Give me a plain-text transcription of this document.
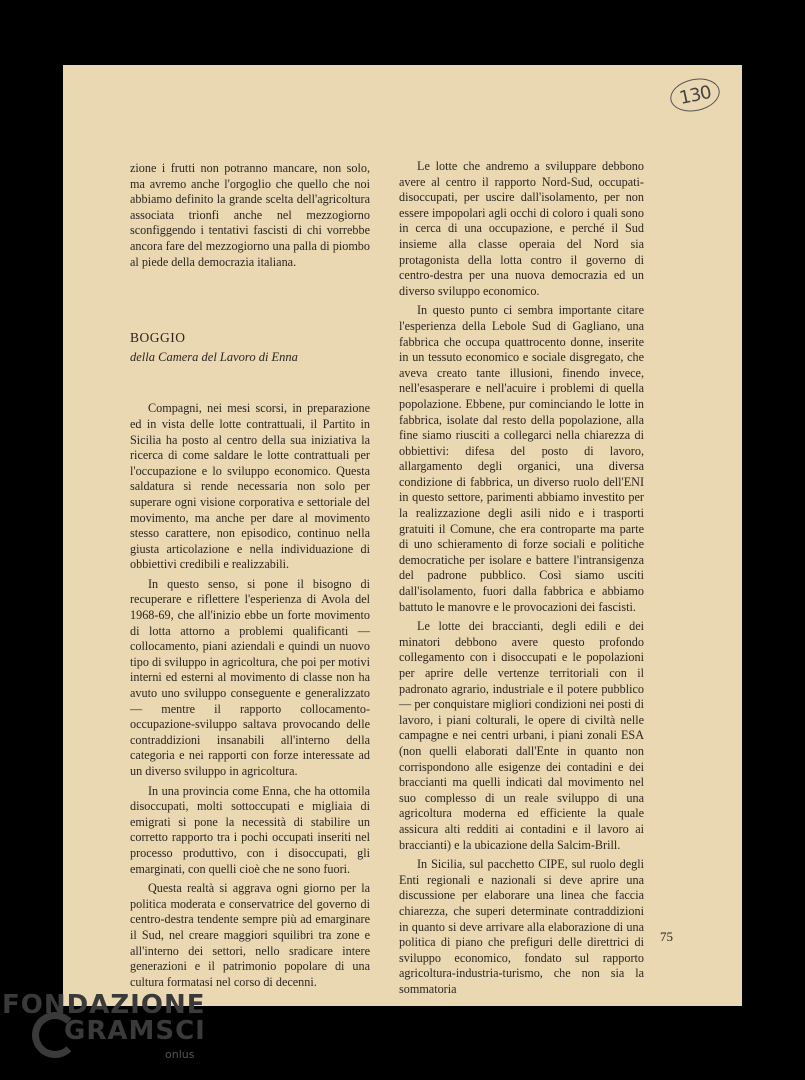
130

zione i frutti non potranno mancare, non solo, ma avremo anche l'orgoglio che quello che noi abbiamo definito la grande scelta dell'agricoltura associata trionfi anche nel mezzogiorno sconfiggendo i tentativi fascisti di chi vorrebbe ancora fare del mezzogiorno una palla di piombo al piede della democrazia italiana.

BOGGIO
della Camera del Lavoro di Enna

Compagni, nei mesi scorsi, in preparazione ed in vista delle lotte contrattuali, il Partito in Sicilia ha posto al centro della sua iniziativa la ricerca di come saldare le lotte contrattuali per l'occupazione e lo sviluppo economico. Questa saldatura si rende necessaria non solo per superare ogni visione corporativa e settoriale del movimento, ma anche per dare al movimento stesso carattere, non episodico, continuo nella giusta articolazione e nella individuazione di obbiettivi credibili e realizzabili.

In questo senso, si pone il bisogno di recuperare e riflettere l'esperienza di Avola del 1968-69, che all'inizio ebbe un forte movimento di lotta attorno a problemi qualificanti — collocamento, piani aziendali e quindi un nuovo tipo di sviluppo in agricoltura, che poi per motivi interni ed esterni al movimento di classe non ha avuto uno sviluppo conseguente e generalizzato — mentre il rapporto collocamento-occupazione-sviluppo saltava provocando delle contraddizioni insanabili all'interno della categoria e nei rapporti con forze interessate ad un diverso sviluppo in agricoltura.

In una provincia come Enna, che ha ottomila disoccupati, molti sottoccupati e migliaia di emigrati si pone la necessità di stabilire un corretto rapporto tra i pochi occupati inseriti nel processo produttivo, con i disoccupati, gli emarginati, con quelli cioè che ne sono fuori.

Questa realtà si aggrava ogni giorno per la politica moderata e conservatrice del governo di centro-destra tendente sempre più ad emarginare il Sud, nel creare maggiori squilibri tra zone e all'interno dei settori, nello sradicare intere generazioni e il patrimonio popolare di una cultura formatasi nel corso di decenni.

Le lotte che andremo a sviluppare debbono avere al centro il rapporto Nord-Sud, occupati-disoccupati, per uscire dall'isolamento, per non essere impopolari agli occhi di coloro i quali sono in cerca di una occupazione, e perché il Sud insieme alla classe operaia del Nord sia protagonista della lotta contro il governo di centro-destra per una nuova democrazia ed un diverso sviluppo economico.

In questo punto ci sembra importante citare l'esperienza della Lebole Sud di Gagliano, una fabbrica che occupa quattrocento donne, inserite in un tessuto economico e sociale disgregato, che aveva creato tante illusioni, finendo invece, nell'esasperare e nell'acuire i problemi di quella popolazione. Ebbene, pur cominciando le lotte in fabbrica, isolate dal resto della popolazione, alla fine siamo riusciti a collegarci nella chiarezza di obbiettivi: difesa del posto di lavoro, allargamento degli organici, una diversa condizione di fabbrica, un diverso ruolo dell'ENI in questo settore, parimenti abbiamo investito per la realizzazione degli asili nido e i trasporti gratuiti il Comune, che era controparte ma parte di uno schieramento di forze sociali e politiche democratiche per isolare e battere l'intransigenza del padrone pubblico. Così siamo usciti dall'isolamento, fuori dalla fabbrica e abbiamo battuto le manovre e le provocazioni dei fascisti.

Le lotte dei braccianti, degli edili e dei minatori debbono avere questo profondo collegamento con i disoccupati e le popolazioni per aprire delle vertenze territoriali con il padronato agrario, industriale e il potere pubblico — per conquistare migliori condizioni nei posti di lavoro, i piani colturali, le opere di civiltà nelle campagne e nei centri urbani, i piani zonali ESA (non quelli elaborati dall'Ente in quanto non corrispondono alle esigenze dei contadini e dei braccianti ma quelli indicati dal movimento nel suo complesso di un reale sviluppo di una agricoltura moderna ed efficiente la quale assicura alti redditi ai contadini e il lavoro ai braccianti) e la ubicazione della Salcim-Brill.

In Sicilia, sul pacchetto CIPE, sul ruolo degli Enti regionali e nazionali si deve aprire una discussione per elaborare una linea che faccia chiarezza, che superi determinate contraddizioni in quanto si deve arrivare alla elaborazione di una politica di piano che prefiguri delle direttrici di sviluppo economico, fondato sul rapporto agricoltura-industria-turismo, che non sia la sommatoria

75
FONDAZIONE
GRAMSCI
onlus
